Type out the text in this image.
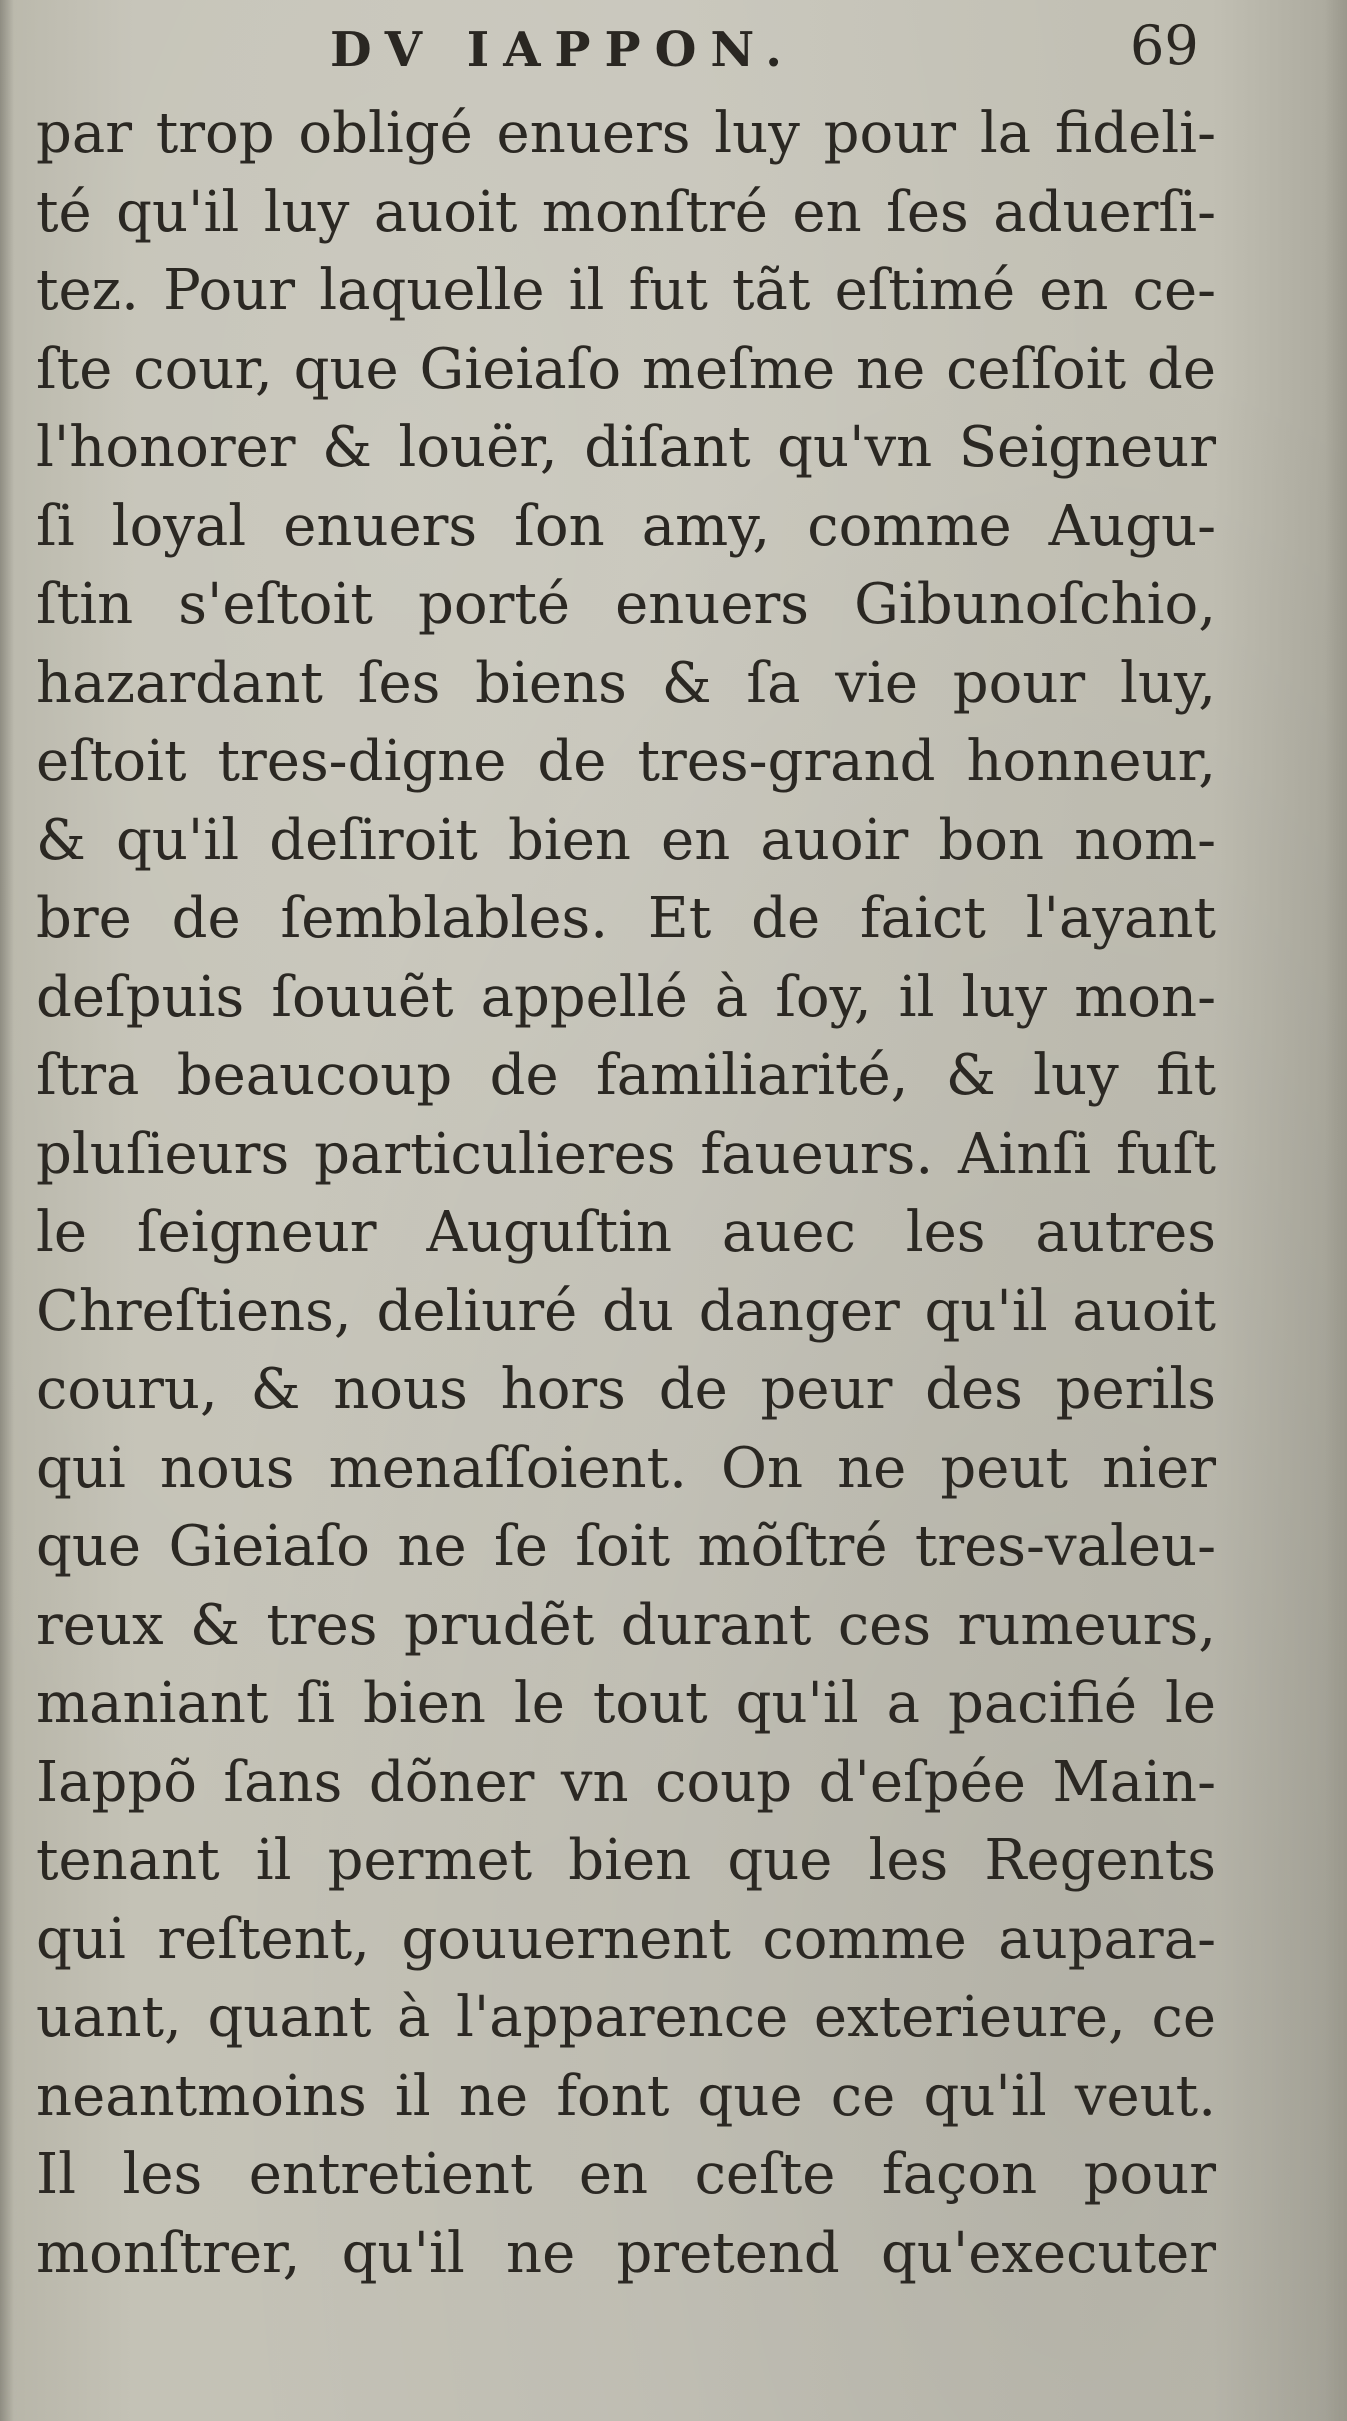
DV IAPPON.	69
par trop obligé enuers luy pour la fideli-
té qu'il luy auoit monſtré en ſes aduerſi-
tez. Pour laquelle il fut tãt eſtimé en ce-
ſte cour, que Gieiaſo meſme ne ceſſoit de
l'honorer & louër, diſant qu'vn Seigneur
ſi loyal enuers ſon amy, comme Augu-
ſtin s'eſtoit porté enuers Gibunoſchio,
hazardant ſes biens & ſa vie pour luy,
eſtoit tres-digne de tres-grand honneur,
& qu'il deſiroit bien en auoir bon nom-
bre de ſemblables. Et de faict l'ayant
deſpuis ſouuẽt appellé à ſoy, il luy mon-
ſtra beaucoup de familiarité, & luy fit
pluſieurs particulieres faueurs. Ainſi fuſt
le ſeigneur Auguſtin auec les autres
Chreſtiens, deliuré du danger qu'il auoit
couru, & nous hors de peur des perils
qui nous menaſſoient. On ne peut nier
que Gieiaſo ne ſe ſoit mõſtré tres-valeu-
reux & tres prudẽt durant ces rumeurs,
maniant ſi bien le tout qu'il a pacifié le
Iappõ ſans dõner vn coup d'eſpée Main-
tenant il permet bien que les Regents
qui reſtent, gouuernent comme aupara-
uant, quant à l'apparence exterieure, ce
neantmoins il ne font que ce qu'il veut.
Il les entretient en ceſte façon pour
monſtrer, qu'il ne pretend qu'executer
